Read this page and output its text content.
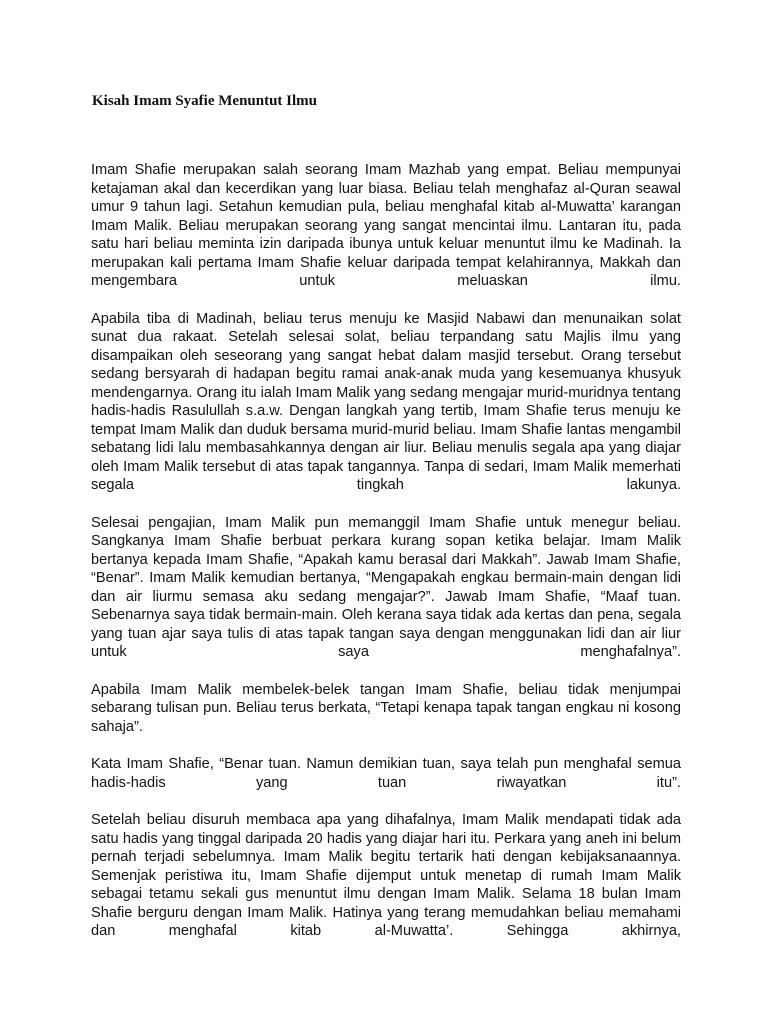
Kisah Imam Syafie Menuntut Ilmu

Imam Shafie merupakan salah seorang Imam Mazhab yang empat. Beliau mempunyai ketajaman akal dan kecerdikan yang luar biasa. Beliau telah menghafaz al-Quran seawal umur 9 tahun lagi. Setahun kemudian pula, beliau menghafal kitab al-Muwatta’ karangan Imam Malik. Beliau merupakan seorang yang sangat mencintai ilmu. Lantaran itu, pada satu hari beliau meminta izin daripada ibunya untuk keluar menuntut ilmu ke Madinah. Ia merupakan kali pertama Imam Shafie keluar daripada tempat kelahirannya, Makkah dan mengembara untuk meluaskan ilmu.

Apabila tiba di Madinah, beliau terus menuju ke Masjid Nabawi dan menunaikan solat sunat dua rakaat. Setelah selesai solat, beliau terpandang satu Majlis ilmu yang disampaikan oleh seseorang yang sangat hebat dalam masjid tersebut. Orang tersebut sedang bersyarah di hadapan begitu ramai anak-anak muda yang kesemuanya khusyuk mendengarnya. Orang itu ialah Imam Malik yang sedang mengajar murid-muridnya tentang hadis-hadis Rasulullah s.a.w. Dengan langkah yang tertib, Imam Shafie terus menuju ke tempat Imam Malik dan duduk bersama murid-murid beliau. Imam Shafie lantas mengambil sebatang lidi lalu membasahkannya dengan air liur. Beliau menulis segala apa yang diajar oleh Imam Malik tersebut di atas tapak tangannya. Tanpa di sedari, Imam Malik memerhati segala tingkah lakunya.

Selesai pengajian, Imam Malik pun memanggil Imam Shafie untuk menegur beliau. Sangkanya Imam Shafie berbuat perkara kurang sopan ketika belajar. Imam Malik bertanya kepada Imam Shafie, “Apakah kamu berasal dari Makkah”. Jawab Imam Shafie, “Benar”. Imam Malik kemudian bertanya, “Mengapakah engkau bermain-main dengan lidi dan air liurmu semasa aku sedang mengajar?”. Jawab Imam Shafie, “Maaf tuan. Sebenarnya saya tidak bermain-main. Oleh kerana saya tidak ada kertas dan pena, segala yang tuan ajar saya tulis di atas tapak tangan saya dengan menggunakan lidi dan air liur untuk saya menghafalnya”.

Apabila Imam Malik membelek-belek tangan Imam Shafie, beliau tidak menjumpai sebarang tulisan pun. Beliau terus berkata, “Tetapi kenapa tapak tangan engkau ni kosong sahaja”.

Kata Imam Shafie, “Benar tuan. Namun demikian tuan, saya telah pun menghafal semua hadis-hadis yang tuan riwayatkan itu”.

Setelah beliau disuruh membaca apa yang dihafalnya, Imam Malik mendapati tidak ada satu hadis yang tinggal daripada 20 hadis yang diajar hari itu. Perkara yang aneh ini belum pernah terjadi sebelumnya. Imam Malik begitu tertarik hati dengan kebijaksanaannya. Semenjak peristiwa itu, Imam Shafie dijemput untuk menetap di rumah Imam Malik sebagai tetamu sekali gus menuntut ilmu dengan Imam Malik. Selama 18 bulan Imam Shafie berguru dengan Imam Malik. Hatinya yang terang memudahkan beliau memahami dan menghafal kitab al-Muwatta’. Sehingga akhirnya,
